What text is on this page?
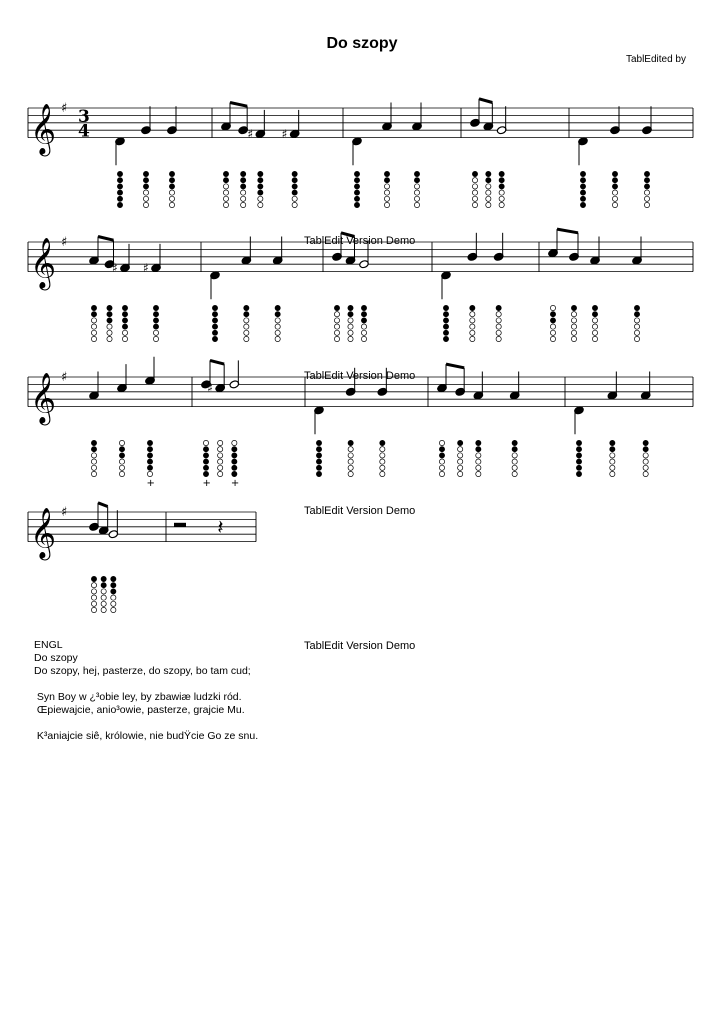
Do szopy
TablEdited by
𝄞 ♯ 3
4	♯ ♯
𝄞 ♯
♯ ♯
𝄞 ♯
+	+
♯
+
𝄞 ♯
𝄽
TablEdit Version Demo
TablEdit Version Demo
TablEdit Version Demo
TablEdit Version Demo
ENGL
Do szopy
Do szopy, hej, pasterze, do szopy, bo tam cud;
Syn Boy w ¿³obie ley, by zbawiæ ludzki ród.
Œpiewajcie, anio³owie, pasterze, grajcie Mu.
K³aniajcie siê, królowie, nie budŸcie Go ze snu.
